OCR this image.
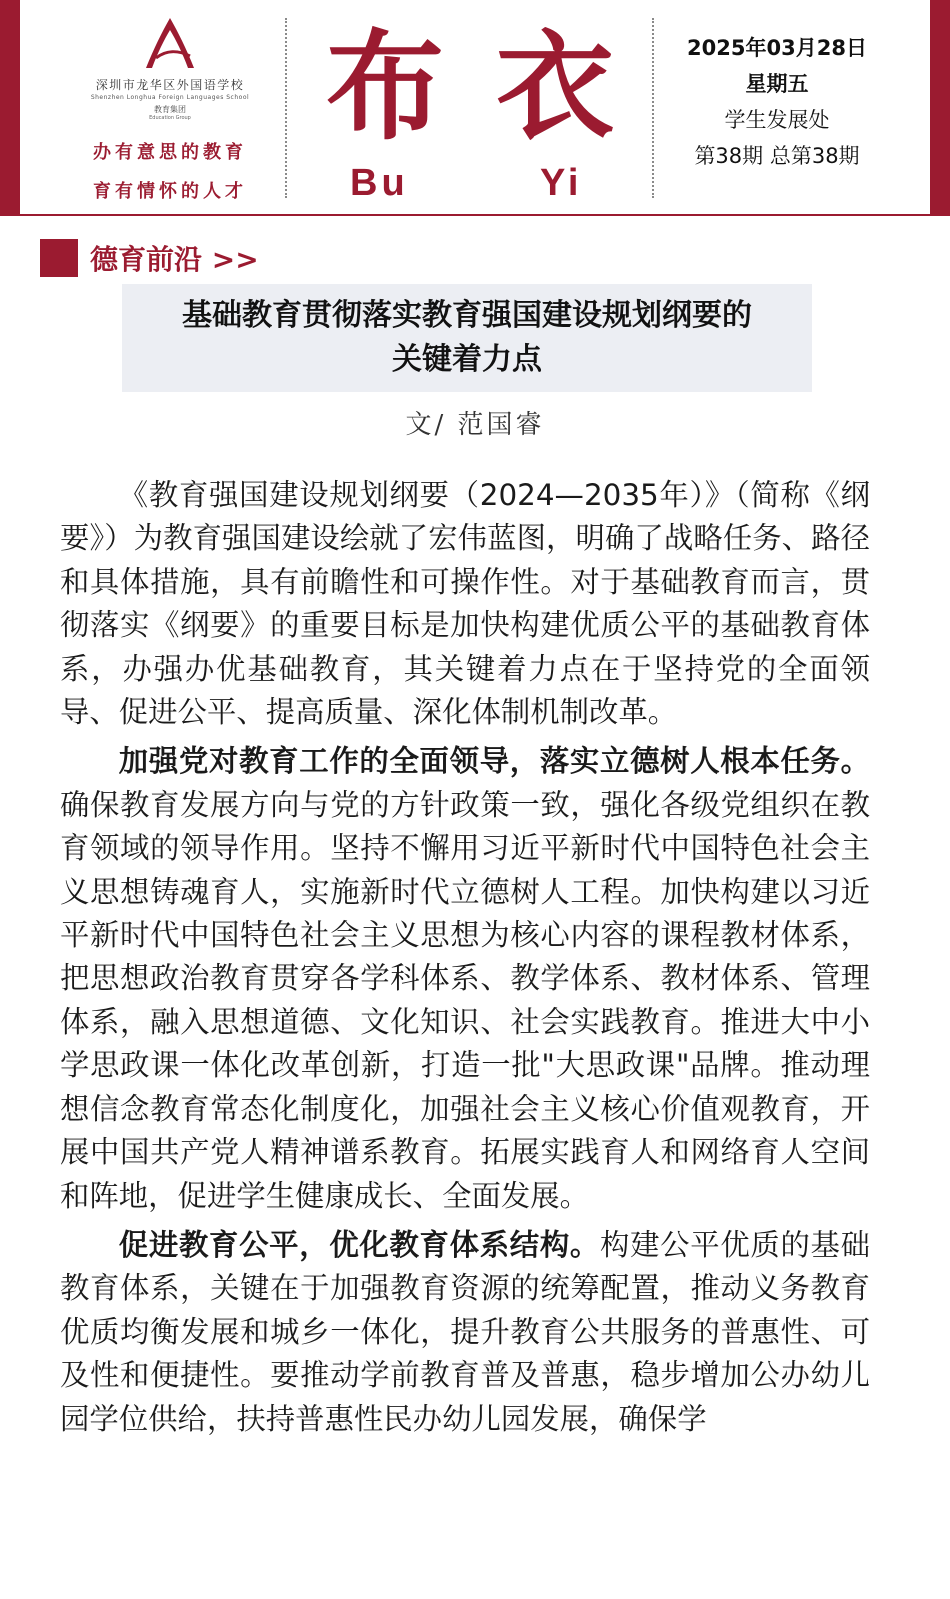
深圳市龙华区外国语学校
Shenzhen Longhua Foreign Languages School
教育集团
Education Group
办有意思的教育
育有情怀的人才
布 衣
Bu	Yi
2025年03月28日
星期五
学生发展处
第38期 总第38期
德育前沿 >>
基础教育贯彻落实教育强国建设规划纲要的
关键着力点
文/ 范国睿

《教育强国建设规划纲要（2024—2035年）》（简称《纲要》）为教育强国建设绘就了宏伟蓝图，明确了战略任务、路径和具体措施，具有前瞻性和可操作性。对于基础教育而言，贯彻落实《纲要》的重要目标是加快构建优质公平的基础教育体系，办强办优基础教育，其关键着力点在于坚持党的全面领导、促进公平、提高质量、深化体制机制改革。

加强党对教育工作的全面领导，落实立德树人根本任务。确保教育发展方向与党的方针政策一致，强化各级党组织在教育领域的领导作用。坚持不懈用习近平新时代中国特色社会主义思想铸魂育人，实施新时代立德树人工程。加快构建以习近平新时代中国特色社会主义思想为核心内容的课程教材体系，把思想政治教育贯穿各学科体系、教学体系、教材体系、管理体系，融入思想道德、文化知识、社会实践教育。推进大中小学思政课一体化改革创新，打造一批"大思政课"品牌。推动理想信念教育常态化制度化，加强社会主义核心价值观教育，开展中国共产党人精神谱系教育。拓展实践育人和网络育人空间和阵地，促进学生健康成长、全面发展。

促进教育公平，优化教育体系结构。构建公平优质的基础教育体系，关键在于加强教育资源的统筹配置，推动义务教育优质均衡发展和城乡一体化，提升教育公共服务的普惠性、可及性和便捷性。要推动学前教育普及普惠，稳步增加公办幼儿园学位供给，扶持普惠性民办幼儿园发展，确保学
